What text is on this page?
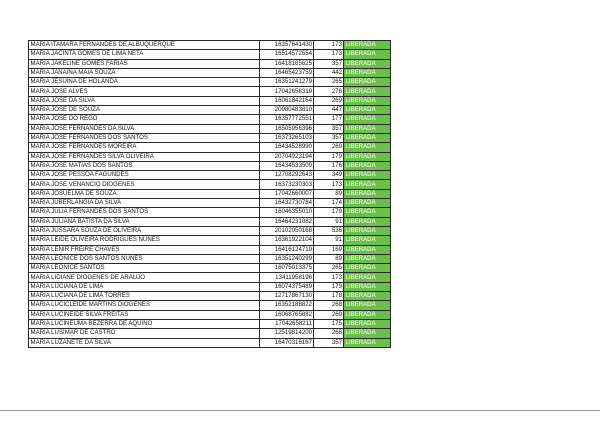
MARIA ITAMARA FERNANDES DE ALBUQUERQUE	16357641430	173	LIBERADA
MARIA JACINTA GOMES DE LIMA NETA	16514572554	173	LIBERADA
MARIA JAKELINE GOMES FARIAS	16418165625	357	LIBERADA
MARIA JANAINA MAIA SOUZA	16465423759	442	LIBERADA
MARIA JESUINA DE HOLANDA	16351241279	265	LIBERADA
MARIA JOSE ALVES	17042658319	278	LIBERADA
MARIA JOSE DA SILVA	16061842164	269	LIBERADA
MARIA JOSE DE SOUZA	20980483810	447	LIBERADA
MARIA JOSE DO REGO	16357772551	177	LIBERADA
MARIA JOSE FERNANDES DA SILVA	16505956396	357	LIBERADA
MARIA JOSE FERNANDES DOS SANTOS	16373265103	357	LIBERADA
MARIA JOSE FERNANDES MOREIRA	16434528990	269	LIBERADA
MARIA JOSE FERNANDES SILVA OLIVEIRA	20704923194	179	LIBERADA
MARIA JOSE MATIAS DOS SANTOS	16434533509	176	LIBERADA
MARIA JOSE PESSOA FAGUNDES	12708292643	349	LIBERADA
MARIA JOSE VENANCIO DIOGENES	16373230303	173	LIBERADA
MARIA JOSUELMA DE SOUZA	17042660007	89	LIBERADA
MARIA JUBERLANGIA DA SILVA	16432730784	174	LIBERADA
MARIA JULIA FERNANDES DOS SANTOS	16046355010	179	LIBERADA
MARIA JULIANA BATISTA DA SILVA	16464231082	91	LIBERADA
MARIA JUSSARA SOUZA DE OLIVEIRA	20102050168	536	LIBERADA
MARIA LEIDE OLIVEIRA RODRIGUES NUNES	16361922104	91	LIBERADA
MARIA LENIR FREIRE CHAVES	16416124719	169	LIBERADA
MARIA LEONICE DOS SANTOS NUNES	16351240299	89	LIBERADA
MARIA LEONICE SANTOS	16075013375	265	LIBERADA
MARIA LIDIANE DIOGENES DE ARAUJO	13411958196	173	LIBERADA
MARIA LUCIANA DE LIMA	16074375489	179	LIBERADA
MARIA LUCIANA DE LIMA TORRES	12717867130	178	LIBERADA
MARIA LUCICLEIDE MARTINS DIOGENES	16352188822	268	LIBERADA
MARIA LUCINEIDE SILVA FREITAS	16068765882	269	LIBERADA
MARIA LUCINEUMA BEZERRA DE AQUINO	17042658211	175	LIBERADA
MARIA LUSIMAR DE CASTRO	12519814200	268	LIBERADA
MARIA LUZANETE DA SILVA	16470316167	357	LIBERADA
